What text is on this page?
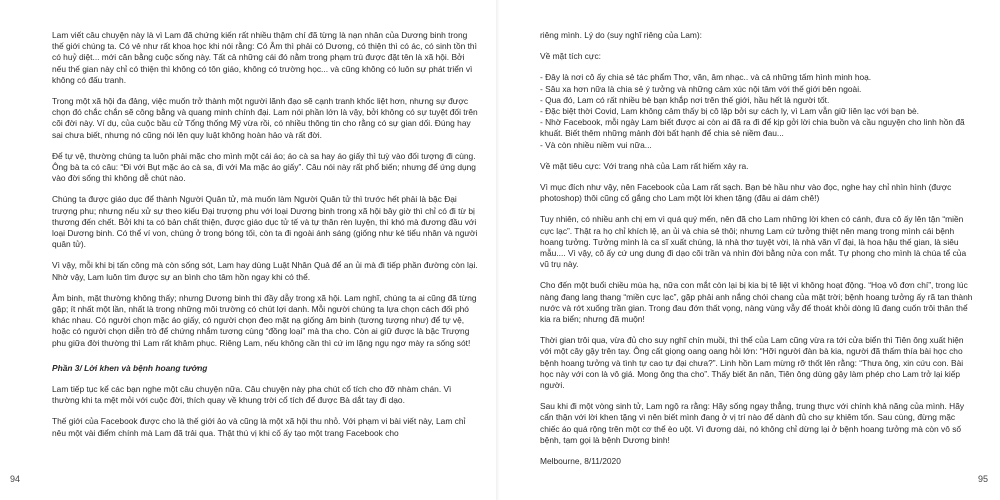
Lam viết câu chuyện này là vì Lam đã chứng kiến rất nhiều thậm chí đã từng là nạn nhân của Dương binh trong thế giới chúng ta. Có vẻ như rất khoa học khi nói rằng: Có Âm thì phải có Dương, có thiện thì có ác, có sinh tồn thì có huỷ diệt... mới cân bằng cuộc sống này. Tất cả những cái đó nằm trong phạm trù được đặt tên là xã hội. Bởi nếu thế gian này chỉ có thiện thì không có tôn giáo, không có trường học... và cũng không có luôn sự phát triển vì không có đấu tranh.

Trong một xã hội đa đảng, việc muốn trở thành một người lãnh đạo sẽ cạnh tranh khốc liệt hơn, nhưng sự được chọn đó chắc chắn sẽ công bằng và quang minh chính đại. Lam nói phần lớn là vậy, bởi không có sự tuyệt đối trên cõi đời này. Ví dụ, của cuộc bầu cử Tổng thống Mỹ vừa rồi, có nhiều thông tin cho rằng có sự gian dối. Đúng hay sai chưa biết, nhưng nó cũng nói lên quy luật không hoàn hảo và rất đời.

Để tự vệ, thường chúng ta luôn phải mặc cho mình một cái áo; áo cà sa hay áo giấy thì tuỳ vào đối tượng đi cùng. Ông bà ta có câu: “Đi với Bụt mặc áo cà sa, đi với Ma mặc áo giấy”. Câu nói này rất phổ biến; nhưng để ứng dụng vào đời sống thì không dễ chút nào.

Chúng ta được giáo dục để thành Người Quân tử, mà muốn làm Người Quân tử thì trước hết phải là bậc Đại trượng phu; nhưng nếu xử sự theo kiểu Đại trượng phu với loại Dương binh trong xã hội bây giờ thì chỉ có đi từ bị thương đến chết. Bởi khi ta có bản chất thiện, được giáo dục tử tế và tự thân rèn luyện, thì khó mà đương đầu với loại Dương binh. Có thể ví von, chúng ở trong bóng tối, còn ta đi ngoài ánh sáng (giống như kẻ tiểu nhân và người quân tử).

Vì vậy, mỗi khi bị tấn công mà còn sống sót, Lam hay dùng Luật Nhân Quả để an ủi mà đi tiếp phần đường còn lại. Nhờ vậy, Lam luôn tìm được sự an bình cho tâm hồn ngay khi có thể.

Âm binh, mặt thường không thấy; nhưng Dương binh thì đầy dẫy trong xã hội. Lam nghĩ, chúng ta ai cũng đã từng gặp; ít nhất một lần, nhất là trong những môi trường có chút lợi danh. Mỗi người chúng ta lựa chọn cách đối phó khác nhau. Có người chọn mặc áo giấy, có người chọn đeo mặt nạ giống âm binh (tương tượng như) để tự vệ, hoặc có người chọn diễn trò để chứng nhắm tương cùng “đồng loại” mà tha cho. Còn ai giữ được là bậc Trượng phu giữa đời thường thì Lam rất khâm phục. Riêng Lam, nếu không cần thì cứ im lặng ngụ ngơ mày ra sống sót!

Phần 3/ Lời khen và bệnh hoang tưởng

Lam tiếp tục kể các bạn nghe một câu chuyện nữa. Câu chuyện này pha chút cổ tích cho đỡ nhàm chán. Vì thường khi ta mệt mỏi với cuộc đời, thích quay về khung trời cổ tích để được Bà dắt tay đi dạo.

Thế giới của Facebook được cho là thế giới ảo và cũng là một xã hội thu nhỏ. Với phạm vi bài viết này, Lam chỉ nêu một vài điểm chính mà Lam đã trải qua. Thật thú vị khi cố ấy tạo một trang Facebook cho

riêng mình. Lý do (suy nghĩ riêng của Lam):

Về mặt tích cực:

- Đây là nơi cô ấy chia sẻ tác phẩm Thơ, văn, âm nhạc.. và cả những tấm hình minh hoạ.
- Sâu xa hơn nữa là chia sẻ ý tưởng và những cảm xúc nội tâm với thế giới bên ngoài.
- Qua đó, Lam có rất nhiều bè bạn khắp nơi trên thế giới, hầu hết là người tốt.
- Đặc biệt thời Covid, Lam không cảm thấy bị cô lập bởi sự cách ly, vì Lam vẫn giữ liên lạc với bạn bè.
- Nhờ Facebook, mỗi ngày Lam biết được ai còn ai đã ra đi để kịp gởi lời chia buồn và cầu nguyện cho linh hồn đã khuất. Biết thêm những mảnh đời bất hạnh để chia sẻ niềm đau...
- Và còn nhiều niềm vui nữa...

Về mặt tiêu cực: Với trang nhà của Lam rất hiếm xảy ra.

Vì mục đích như vậy, nên Facebook của Lam rất sạch. Bạn bè hầu như vào đọc, nghe hay chỉ nhìn hình (được photoshop) thôi cũng cố gắng cho Lam một lời khen tặng (đâu ai dám chê!)

Tuy nhiên, có nhiều anh chị em vì quá quý mến, nên đã cho Lam những lời khen có cánh, đưa cô ấy lên tận “miền cực lạc”. Thật ra họ chỉ khích lệ, an ủi và chia sẻ thôi; nhưng Lam cứ tưởng thiệt nên mang trong mình cái bệnh hoang tưởng. Tưởng mình là ca sĩ xuất chúng, là nhà thơ tuyệt vời, là nhà văn vĩ đại, là hoa hậu thế gian, là siêu mẫu.... Vì vậy, cô ấy cứ ung dung đi dạo cõi trần và nhìn đời bằng nửa con mắt. Tự phong cho mình là chúa tể của vũ trụ này.

Cho đến một buổi chiều mùa hạ, nữa con mắt còn lại bị kia bị tê liệt vì không hoạt động. “Hoạ vô đơn chí”, trong lúc nàng đang lang thang “miền cực lạc”, gặp phải anh nắng chói chang của mặt trời; bệnh hoang tưởng ấy rã tan thành nước và rớt xuống trần gian. Trong đau đớn thất vọng, nàng vùng vẫy để thoát khỏi dòng lũ đang cuốn trôi thân thể kia ra biển; nhưng đã muộn!

Thời gian trôi qua, vừa đủ cho suy nghĩ chín muồi, thì thể của Lam cũng vừa ra tới cửa biển thì Tiên ông xuất hiện với một cây gậy trên tay. Ông cất giọng oang oang hỏi lớn: “Hỡi người đàn bà kia, người đã thấm thía bài học cho bệnh hoang tưởng và tình tự cao tự đại chưa?”. Linh hồn Lam mừng rỡ thốt lên rằng: “Thưa ông, xin cứu con. Bài học này với con là vô giá. Mong ông tha cho”. Thấy biết ăn năn, Tiên ông dùng gậy làm phép cho Lam trở lại kiếp người.

Sau khi đi một vòng sinh tử, Lam ngộ ra rằng: Hãy sống ngay thẳng, trung thực với chính khả năng của mình. Hãy cẩn thận với lời khen tặng vì nên biết mình đang ở vị trí nào để dành đủ cho sự khiêm tốn. Sau cùng, đừng mặc chiếc áo quá rộng trên một cơ thể èo uột. Vì đương dài, nó không chỉ dừng lại ở bệnh hoang tưởng mà còn vô số bệnh, tạm gọi là bệnh Dương binh!

Melbourne, 8/11/2020

94	95
